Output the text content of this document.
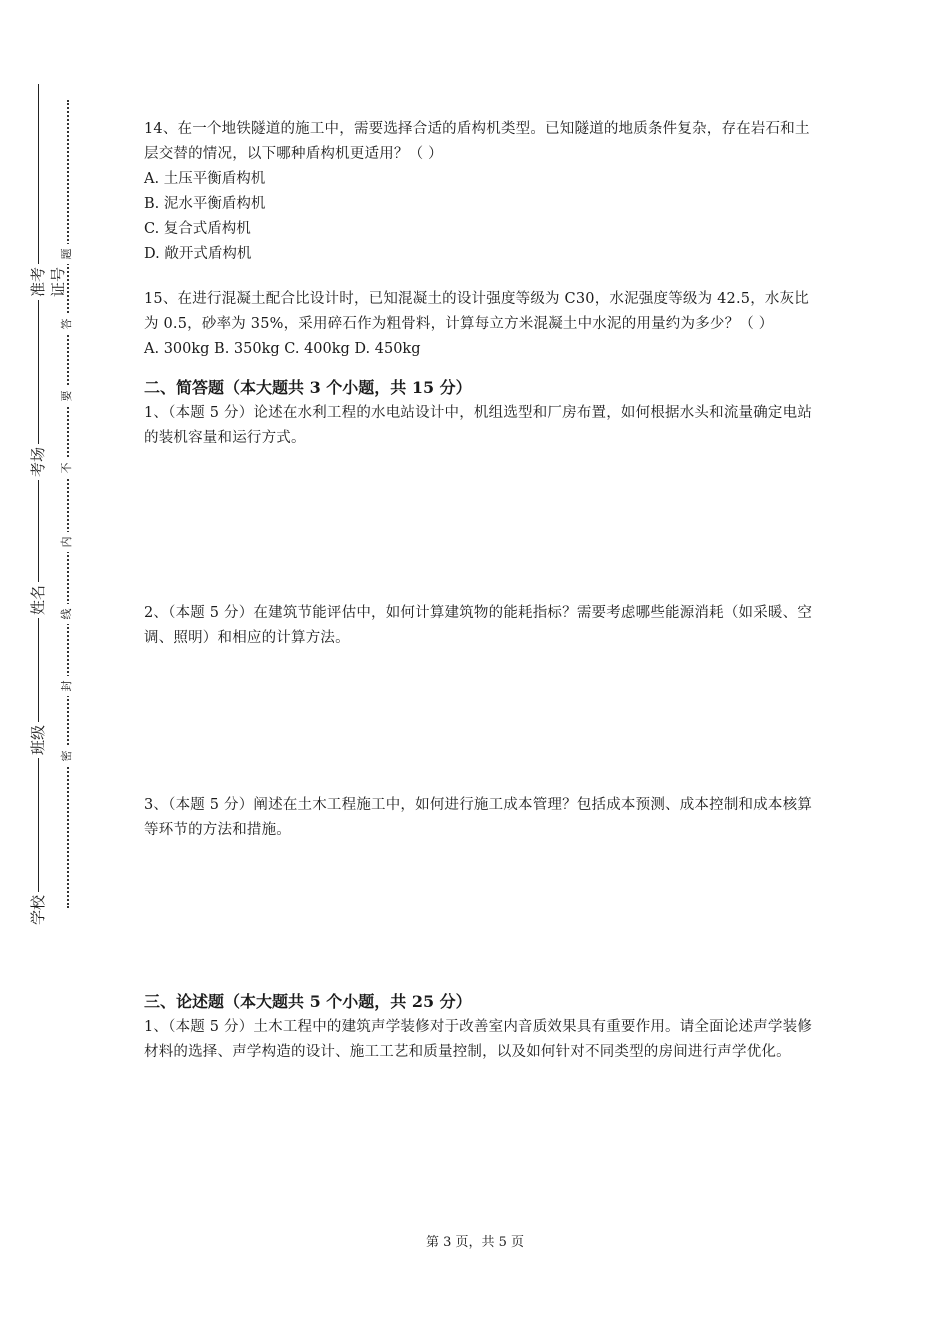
准考证号
考场
姓名
班级
学校
题
答
要
不
内
线
封
密
14、在一个地铁隧道的施工中，需要选择合适的盾构机类型。已知隧道的地质条件复杂，存在岩石和土层交替的情况，以下哪种盾构机更适用？（ ）
A. 土压平衡盾构机
B. 泥水平衡盾构机
C. 复合式盾构机
D. 敞开式盾构机
15、在进行混凝土配合比设计时，已知混凝土的设计强度等级为 C30，水泥强度等级为 42.5，水灰比为 0.5，砂率为 35%，采用碎石作为粗骨料，计算每立方米混凝土中水泥的用量约为多少？（ ）
A. 300kg B. 350kg C. 400kg D. 450kg
二、简答题（本大题共 3 个小题，共 15 分）
1、（本题 5 分）论述在水利工程的水电站设计中，机组选型和厂房布置，如何根据水头和流量确定电站的装机容量和运行方式。
2、（本题 5 分）在建筑节能评估中，如何计算建筑物的能耗指标？需要考虑哪些能源消耗（如采暖、空调、照明）和相应的计算方法。
3、（本题 5 分）阐述在土木工程施工中，如何进行施工成本管理？包括成本预测、成本控制和成本核算等环节的方法和措施。
三、论述题（本大题共 5 个小题，共 25 分）
1、（本题 5 分）土木工程中的建筑声学装修对于改善室内音质效果具有重要作用。请全面论述声学装修材料的选择、声学构造的设计、施工工艺和质量控制，以及如何针对不同类型的房间进行声学优化。
第 3 页，共 5 页
